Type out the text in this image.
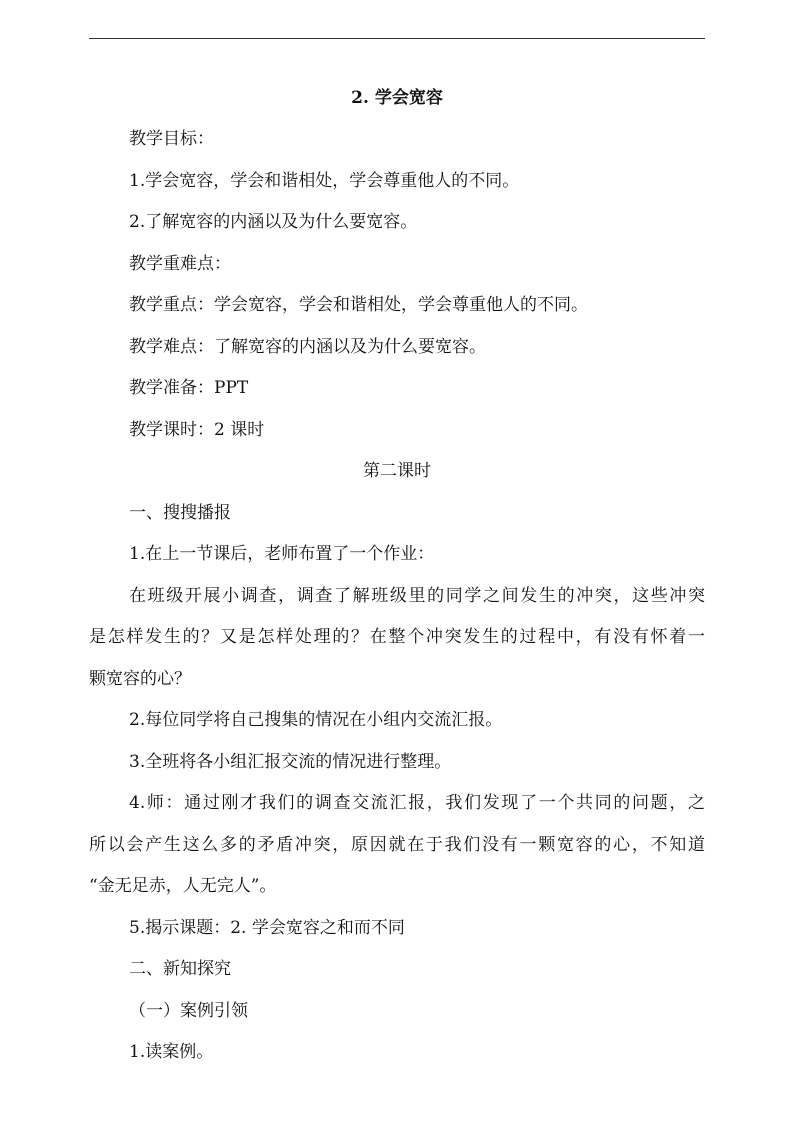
2. 学会宽容
教学目标：
1.学会宽容，学会和谐相处，学会尊重他人的不同。
2.了解宽容的内涵以及为什么要宽容。
教学重难点：
教学重点：学会宽容，学会和谐相处，学会尊重他人的不同。
教学难点：了解宽容的内涵以及为什么要宽容。
教学准备：PPT
教学课时：2 课时
第二课时
一、搜搜播报
1.在上一节课后，老师布置了一个作业：
在班级开展小调查，调查了解班级里的同学之间发生的冲突，这些冲突
是怎样发生的？又是怎样处理的？在整个冲突发生的过程中，有没有怀着一
颗宽容的心？
2.每位同学将自己搜集的情况在小组内交流汇报。
3.全班将各小组汇报交流的情况进行整理。
4.师：通过刚才我们的调查交流汇报，我们发现了一个共同的问题，之
所以会产生这么多的矛盾冲突，原因就在于我们没有一颗宽容的心，不知道
“金无足赤，人无完人”。
5.揭示课题：2. 学会宽容之和而不同
二、新知探究
（一）案例引领
1.读案例。
